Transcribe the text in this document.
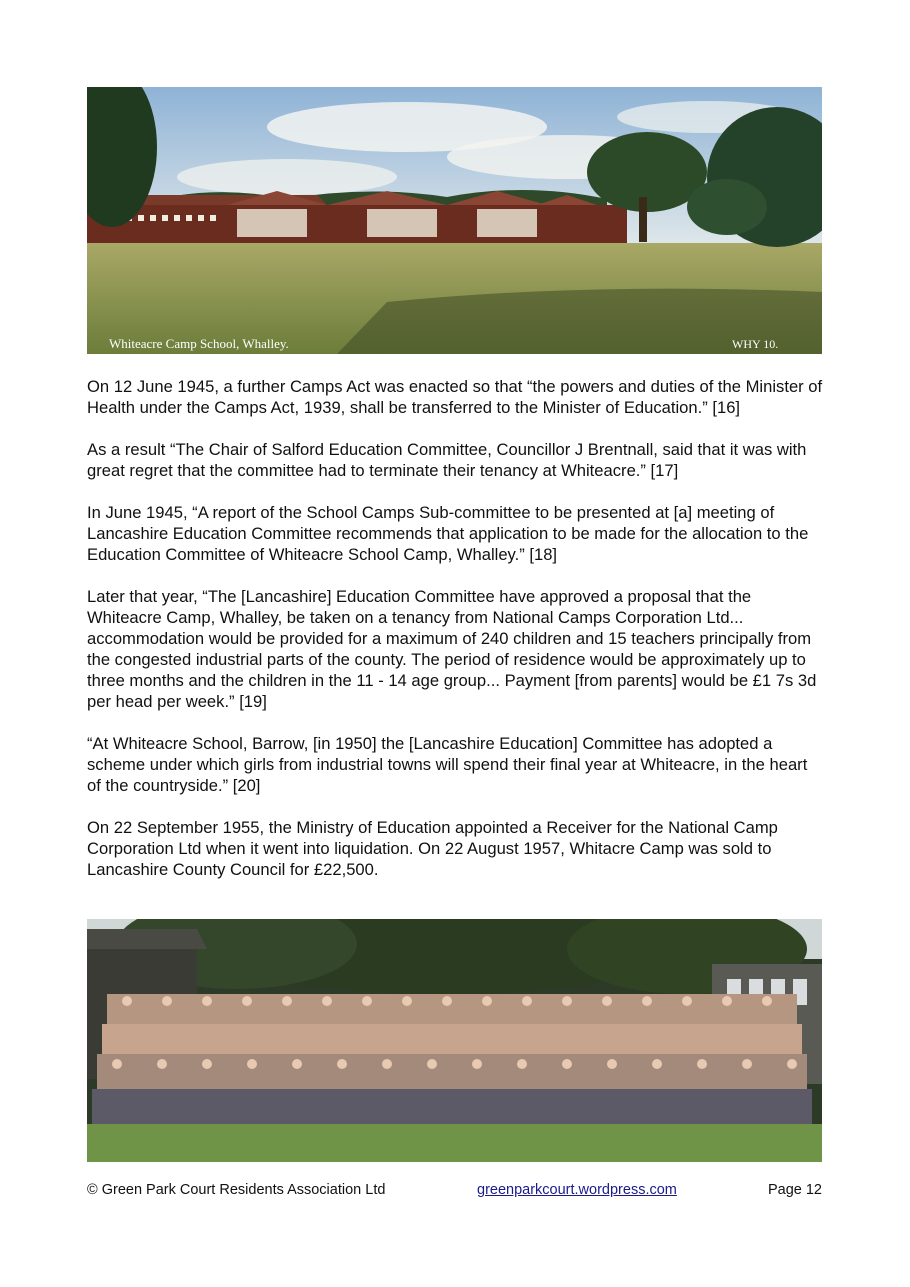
Whiteacre Camp School, Whalley.	WHY 10.

On 12 June 1945, a further Camps Act was enacted so that “the powers and duties of the Minister of Health under the Camps Act, 1939, shall be transferred to the Minister of Education.” [16]

As a result “The Chair of Salford Education Committee, Councillor J Brentnall, said that it was with great regret that the committee had to terminate their tenancy at Whiteacre.” [17]

In June 1945, “A report of the School Camps Sub-committee to be presented at [a] meeting of Lancashire Education Committee recommends that application to be made for the allocation to the Education Committee of Whiteacre School Camp, Whalley.” [18]

Later that year, “The [Lancashire] Education Committee have approved a proposal that the Whiteacre Camp, Whalley, be taken on a tenancy from National Camps Corporation Ltd... accommodation would be provided for a maximum of 240 children and 15 teachers principally from the congested industrial parts of the county. The period of residence would be approximately up to three months and the children in the 11 - 14 age group... Payment [from parents] would be £1 7s 3d per head per week.” [19]

“At Whiteacre School, Barrow, [in 1950] the [Lancashire Education] Committee has adopted a scheme under which girls from industrial towns will spend their final year at Whiteacre, in the heart of the countryside.” [20]

On 22 September 1955, the Ministry of Education appointed a Receiver for the National Camp Corporation Ltd when it went into liquidation. On 22 August 1957, Whitacre Camp was sold to Lancashire County Council for £22,500.

© Green Park Court Residents Association Ltd	greenparkcourt.wordpress.com	Page 12
